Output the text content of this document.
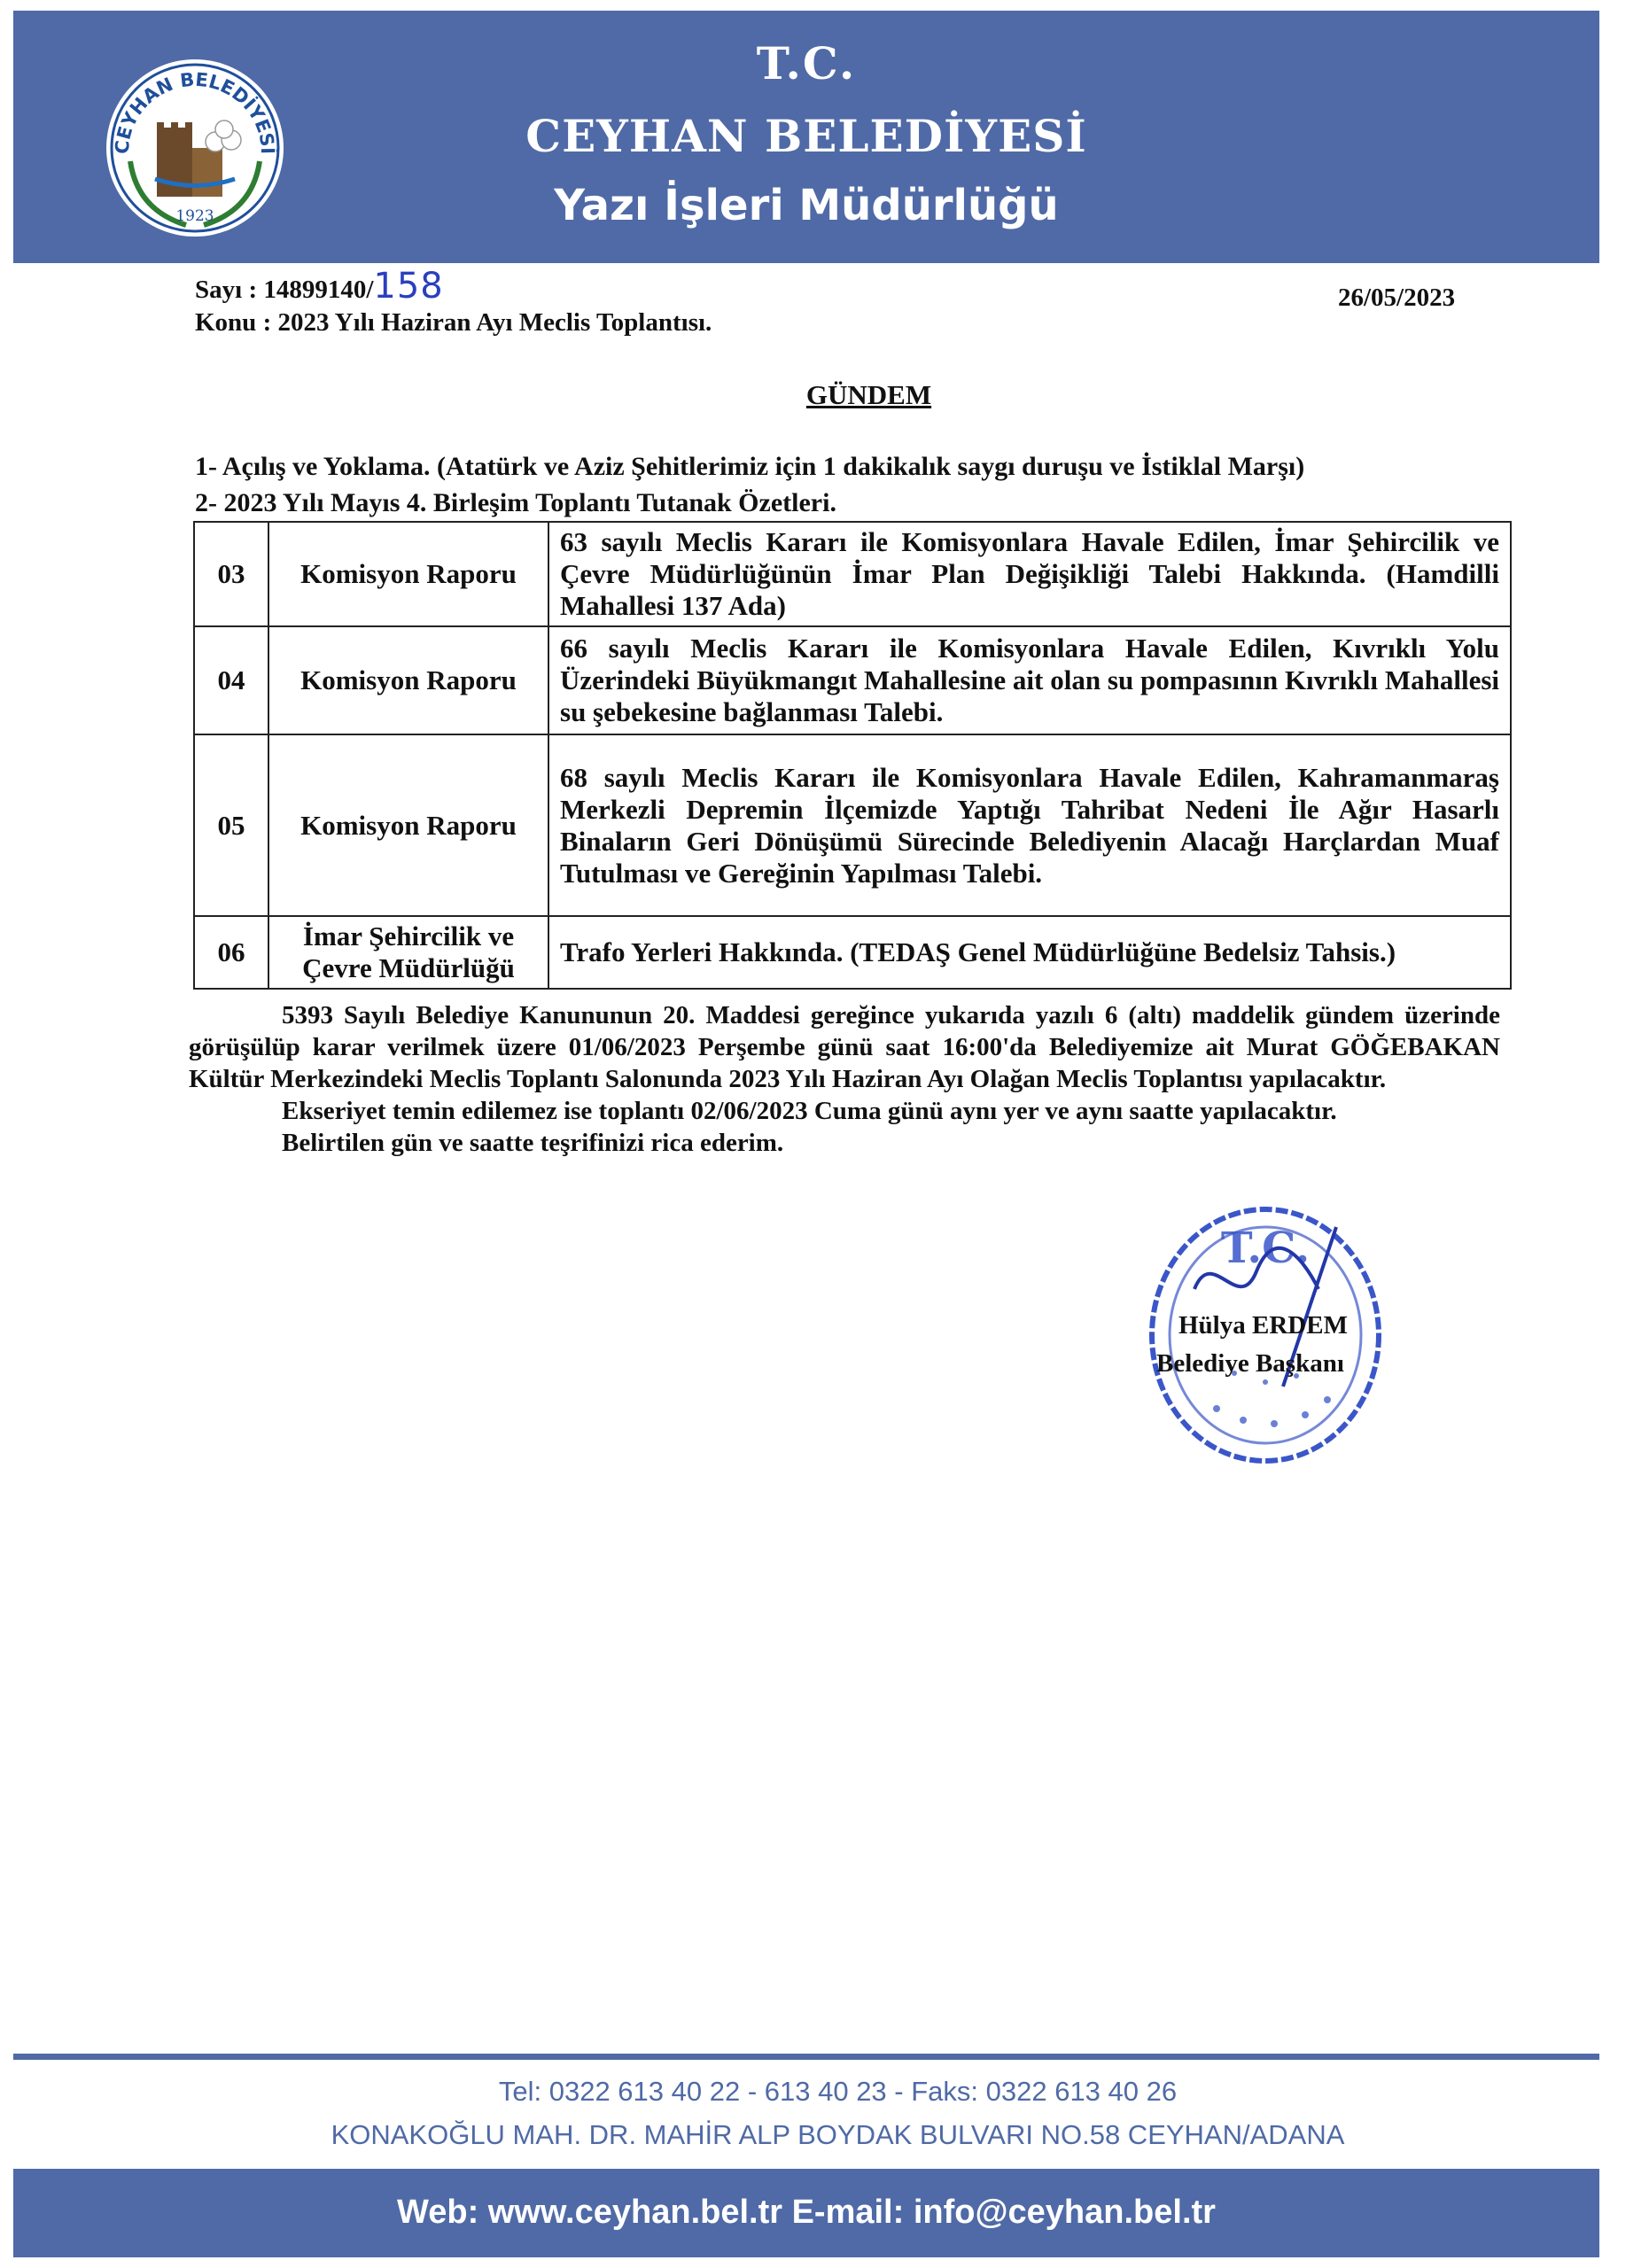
CEYHAN BELEDİYESİ
1923
T.C.
CEYHAN BELEDİYESİ
Yazı İşleri Müdürlüğü
Sayı : 14899140/158
Konu : 2023 Yılı Haziran Ayı Meclis Toplantısı.
26/05/2023
GÜNDEM
1- Açılış ve Yoklama. (Atatürk ve Aziz Şehitlerimiz için 1 dakikalık saygı duruşu ve İstiklal Marşı)
2- 2023 Yılı Mayıs 4. Birleşim Toplantı Tutanak Özetleri.
03	Komisyon Raporu	63 sayılı Meclis Kararı ile Komisyonlara Havale Edilen, İmar Şehircilik ve Çevre Müdürlüğünün İmar Plan Değişikliği Talebi Hakkında. (Hamdilli Mahallesi 137 Ada)
04	Komisyon Raporu	66 sayılı Meclis Kararı ile Komisyonlara Havale Edilen, Kıvrıklı Yolu Üzerindeki Büyükmangıt Mahallesine ait olan su pompasının Kıvrıklı Mahallesi su şebekesine bağlanması Talebi.
05	Komisyon Raporu	68 sayılı Meclis Kararı ile Komisyonlara Havale Edilen, Kahramanmaraş Merkezli Depremin İlçemizde Yaptığı Tahribat Nedeni İle Ağır Hasarlı Binaların Geri Dönüşümü Sürecinde Belediyenin Alacağı Harçlardan Muaf Tutulması ve Gereğinin Yapılması Talebi.
06	İmar Şehircilik ve Çevre Müdürlüğü	Trafo Yerleri Hakkında. (TEDAŞ Genel Müdürlüğüne Bedelsiz Tahsis.)

5393 Sayılı Belediye Kanununun 20. Maddesi gereğince yukarıda yazılı 6 (altı) maddelik gündem üzerinde görüşülüp karar verilmek üzere 01/06/2023 Perşembe günü saat 16:00'da Belediyemize ait Murat GÖĞEBAKAN Kültür Merkezindeki Meclis Toplantı Salonunda 2023 Yılı Haziran Ayı Olağan Meclis Toplantısı yapılacaktır.

Ekseriyet temin edilemez ise toplantı 02/06/2023 Cuma günü aynı yer ve aynı saatte yapılacaktır.

Belirtilen gün ve saatte teşrifinizi rica ederim.

T.C.
Hülya ERDEM
Belediye Başkanı
Tel: 0322 613 40 22 - 613 40 23 - Faks: 0322 613 40 26
KONAKOĞLU MAH. DR. MAHİR ALP BOYDAK BULVARI NO.58 CEYHAN/ADANA
Web: www.ceyhan.bel.tr E-mail: info@ceyhan.bel.tr
